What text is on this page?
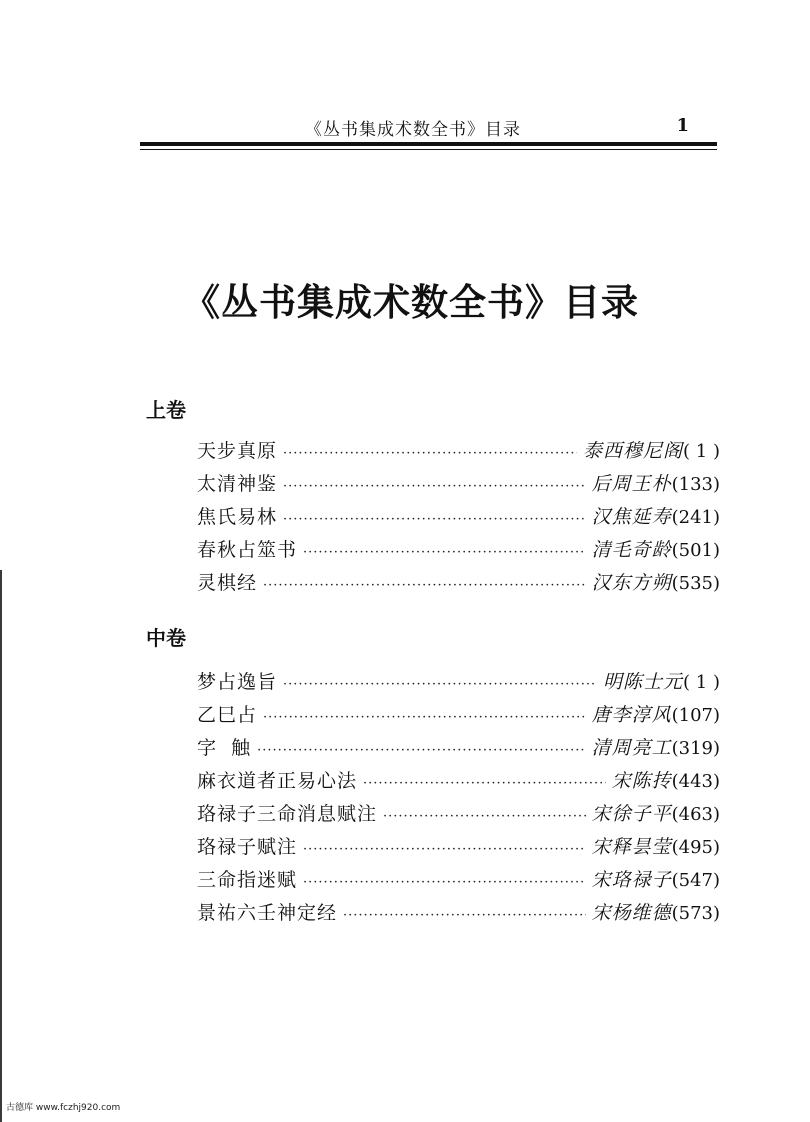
《丛书集成术数全书》目录	1
《丛书集成术数全书》目录
上卷
天步真原 ·····	泰西穆尼阁 ( 1 )
太清神鉴 ·····	后周王朴 (133)
焦氏易林 ·····	汉焦延寿 (241)
春秋占筮书 ·····	清毛奇龄 (501)
灵棋经 ·····	汉东方朔 (535)
中卷
梦占逸旨 ·····	明陈士元 ( 1 )
乙巳占 ·····	唐李淳风 (107)
字  触 ·····	清周亮工 (319)
麻衣道者正易心法 ·····	宋陈抟 (443)
珞禄子三命消息赋注 ·····	宋徐子平 (463)
珞禄子赋注 ·····	宋释昙莹 (495)
三命指迷赋 ·····	宋珞禄子 (547)
景祐六壬神定经 ·····	宋杨维德 (573)
古德库 www.fczhj920.com
